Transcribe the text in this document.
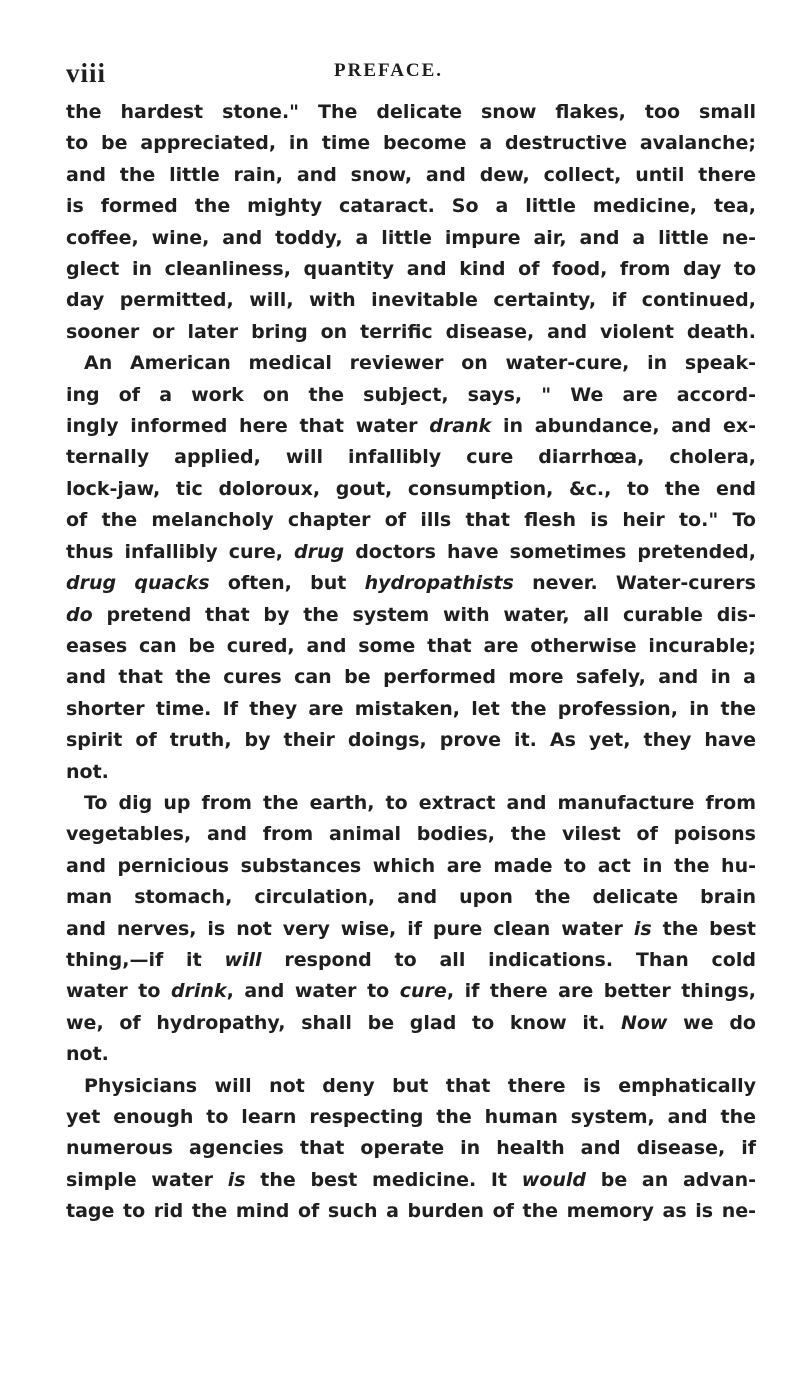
viii	PREFACE.
the hardest stone." The delicate snow flakes, too small
to be appreciated, in time become a destructive avalanche;
and the little rain, and snow, and dew, collect, until there
is formed the mighty cataract. So a little medicine, tea,
coffee, wine, and toddy, a little impure air, and a little ne-
glect in cleanliness, quantity and kind of food, from day to
day permitted, will, with inevitable certainty, if continued,
sooner or later bring on terrific disease, and violent death.
An American medical reviewer on water-cure, in speak-
ing of a work on the subject, says, " We are accord-
ingly informed here that water drank in abundance, and ex-
ternally applied, will infallibly cure diarrhœa, cholera,
lock-jaw, tic doloroux, gout, consumption, &c., to the end
of the melancholy chapter of ills that flesh is heir to." To
thus infallibly cure, drug doctors have sometimes pretended,
drug quacks often, but hydropathists never. Water-curers
do pretend that by the system with water, all curable dis-
eases can be cured, and some that are otherwise incurable;
and that the cures can be performed more safely, and in a
shorter time. If they are mistaken, let the profession, in the
spirit of truth, by their doings, prove it. As yet, they have
not.
To dig up from the earth, to extract and manufacture from
vegetables, and from animal bodies, the vilest of poisons
and pernicious substances which are made to act in the hu-
man stomach, circulation, and upon the delicate brain
and nerves, is not very wise, if pure clean water is the best
thing,—if it will respond to all indications. Than cold
water to drink, and water to cure, if there are better things,
we, of hydropathy, shall be glad to know it. Now we do
not.
Physicians will not deny but that there is emphatically
yet enough to learn respecting the human system, and the
numerous agencies that operate in health and disease, if
simple water is the best medicine. It would be an advan-
tage to rid the mind of such a burden of the memory as is ne-
